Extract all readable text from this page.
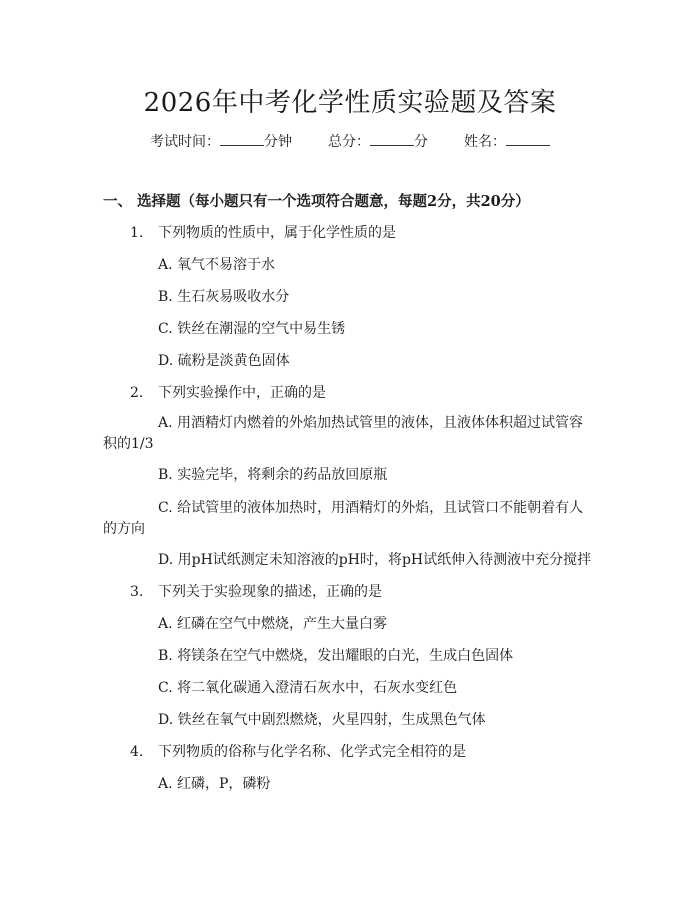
2026年中考化学性质实验题及答案
考试时间：	分钟	总分：	分	姓名：
一、 选择题（每小题只有一个选项符合题意，每题2分，共20分）
1. 下列物质的性质中，属于化学性质的是
A. 氧气不易溶于水
B. 生石灰易吸收水分
C. 铁丝在潮湿的空气中易生锈
D. 硫粉是淡黄色固体
2. 下列实验操作中，正确的是
A. 用酒精灯内燃着的外焰加热试管里的液体，且液体体积超过试管容积的1/3
B. 实验完毕，将剩余的药品放回原瓶
C. 给试管里的液体加热时，用酒精灯的外焰，且试管口不能朝着有人的方向
D. 用pH试纸测定未知溶液的pH时，将pH试纸伸入待测液中充分搅拌
3. 下列关于实验现象的描述，正确的是
A. 红磷在空气中燃烧，产生大量白雾
B. 将镁条在空气中燃烧，发出耀眼的白光，生成白色固体
C. 将二氧化碳通入澄清石灰水中，石灰水变红色
D. 铁丝在氧气中剧烈燃烧，火星四射，生成黑色气体
4. 下列物质的俗称与化学名称、化学式完全相符的是
A. 红磷，P，磷粉
